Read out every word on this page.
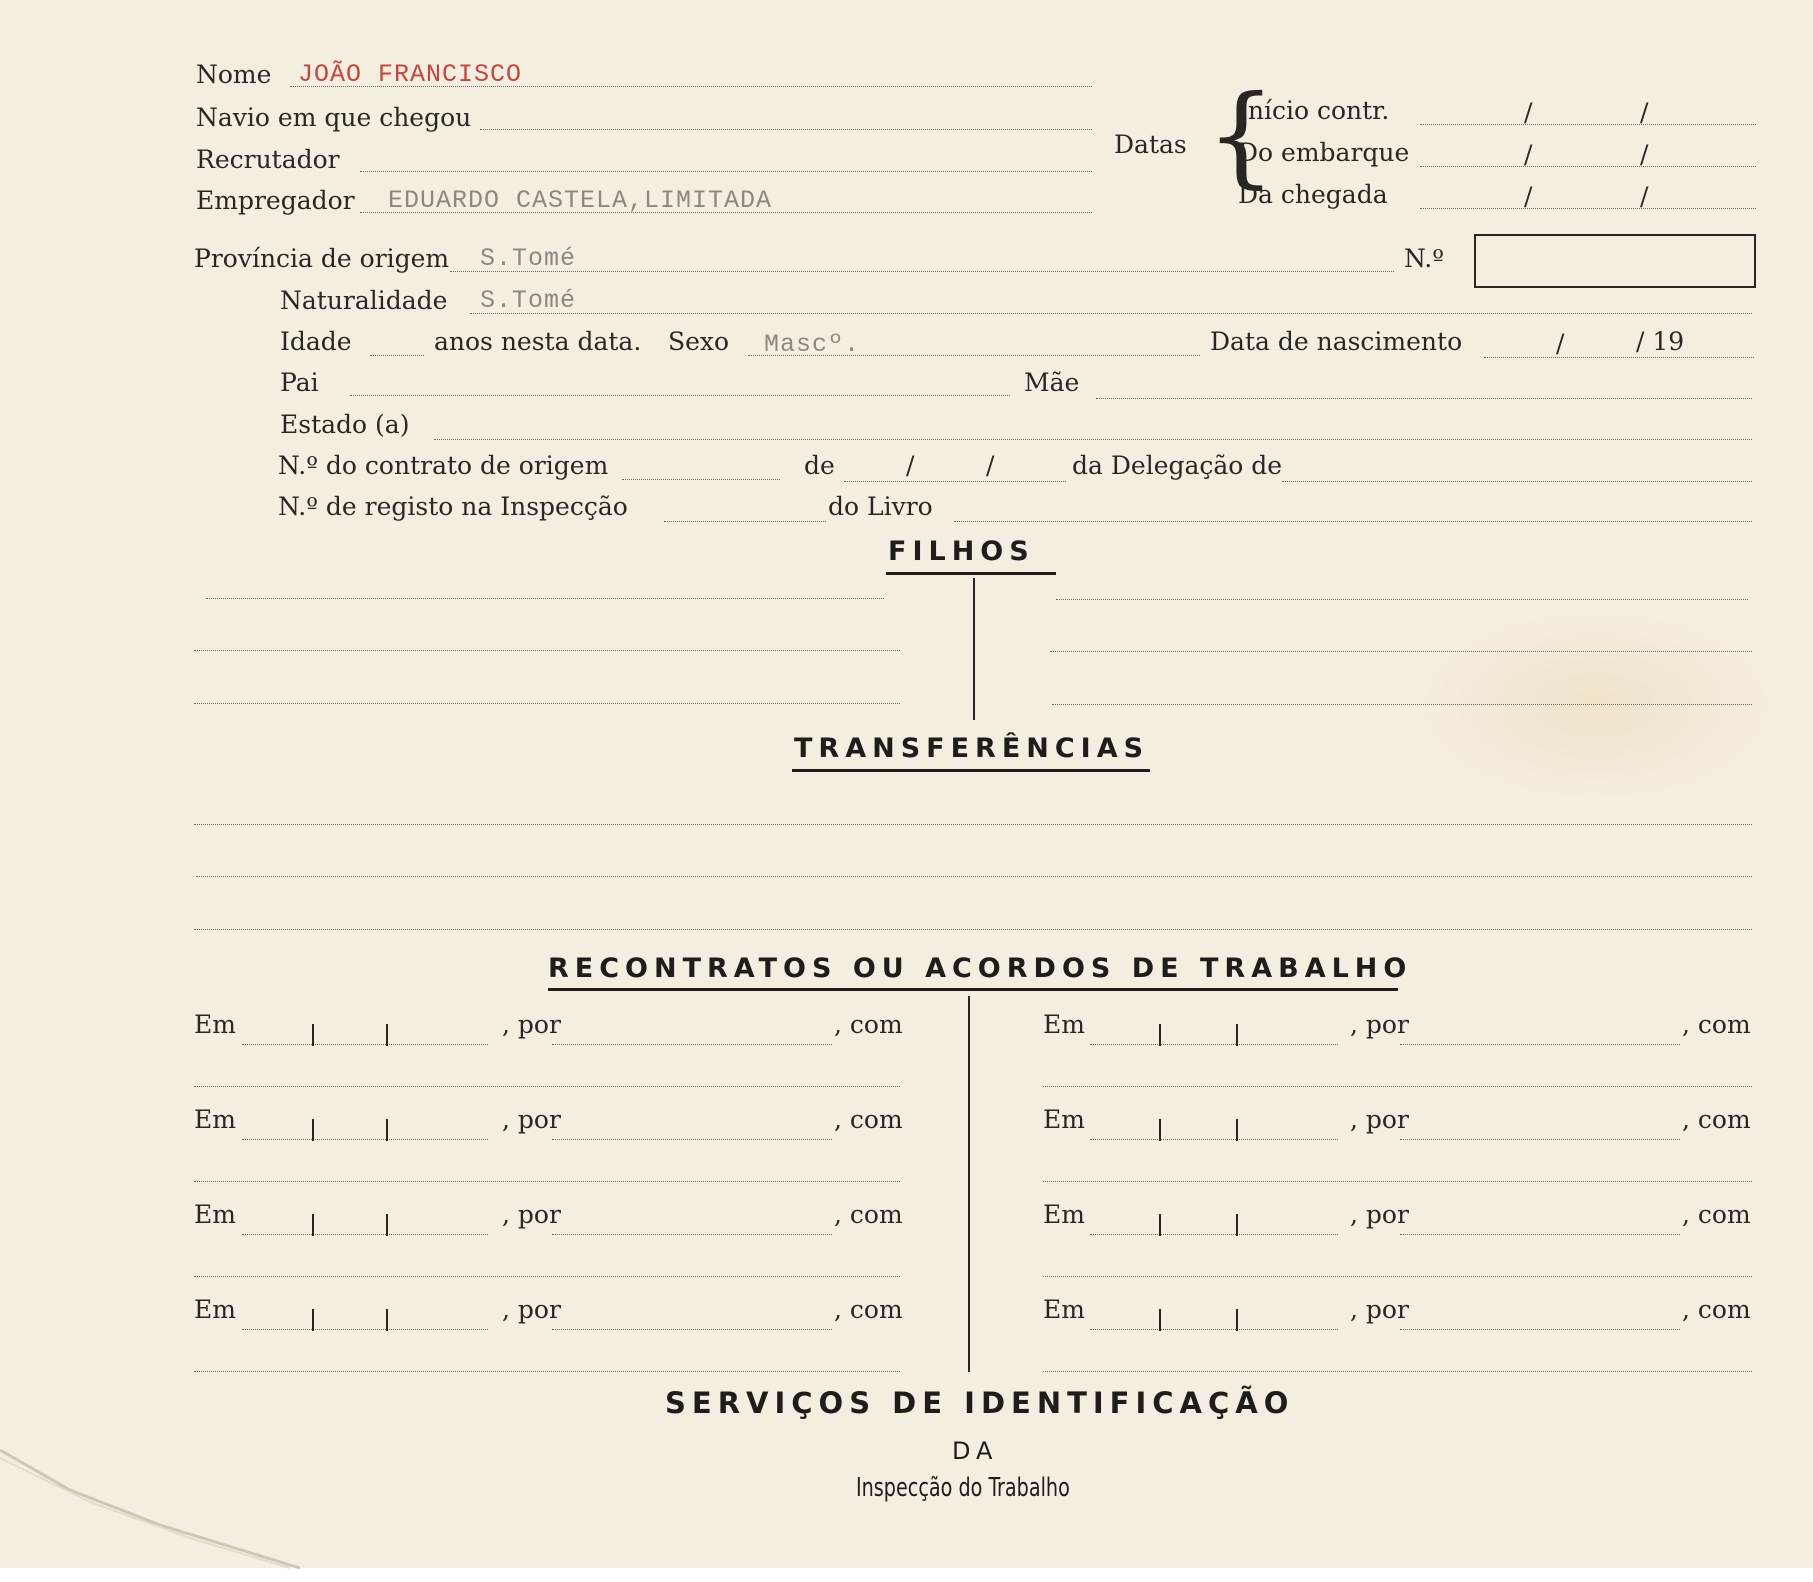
Nome JOÃO FRANCISCO
Navio em que chegou
Recrutador
Empregador EDUARDO CASTELA,LIMITADA
Datas {
Início contr.	/	/
Do embarque	/	/
Da chegada	/	/
Província de origem S.Tomé	N.º
Naturalidade S.Tomé
Idade	anos nesta data. Sexo Mascº.	Data de nascimento	/	/ 19
Pai	Mãe
Estado (a)
N.º do contrato de origem	de	/	/	da Delegação de
N.º de registo na Inspecção	do Livro
FILHOS
TRANSFERÊNCIAS
RECONTRATOS OU ACORDOS DE TRABALHO
Em	, por	, com	Em	, por	, com
Em	, por	, com	Em	, por	, com
Em	, por	, com	Em	, por	, com
Em	, por	, com	Em	, por	, com
SERVIÇOS DE IDENTIFICAÇÃO
DA
Inspecção do Trabalho
